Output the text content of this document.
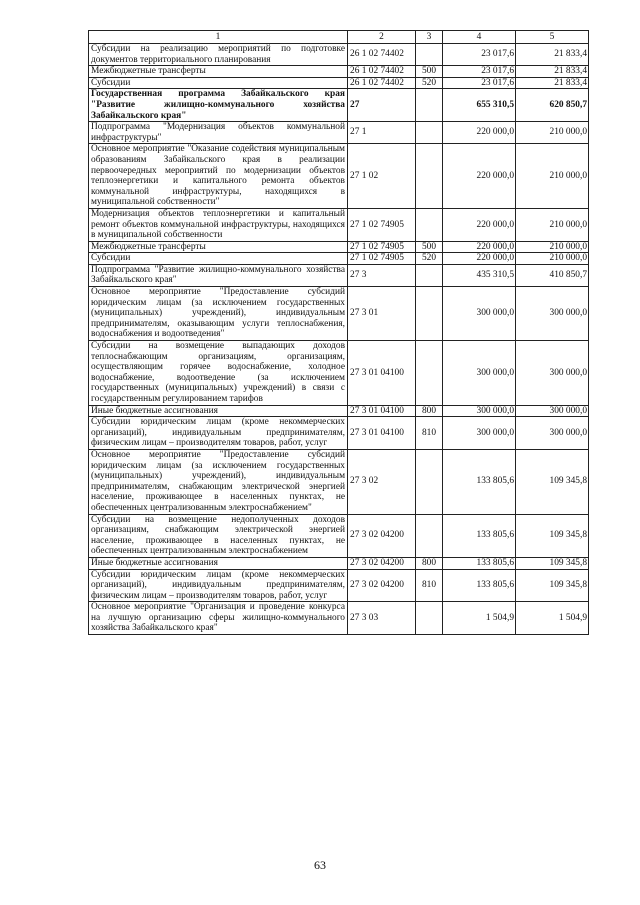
1	2	3	4	5
Субсидии на реализацию мероприятий по подготовке документов территориального планирования	26 1 02 74402		23 017,6	21 833,4
Межбюджетные трансферты	26 1 02 74402	500	23 017,6	21 833,4
Субсидии	26 1 02 74402	520	23 017,6	21 833,4
Государственная программа Забайкальского края "Развитие жилищно-коммунального хозяйства Забайкальского края"	27		655 310,5	620 850,7
Подпрограмма "Модернизация объектов коммунальной инфраструктуры"	27 1		220 000,0	210 000,0
Основное мероприятие "Оказание содействия муниципальным образованиям Забайкальского края в реализации первоочередных мероприятий по модернизации объектов теплоэнергетики и капитального ремонта объектов коммунальной инфраструктуры, находящихся в муниципальной собственности"	27 1 02		220 000,0	210 000,0
Модернизация объектов теплоэнергетики и капитальный ремонт объектов коммунальной инфраструктуры, находящихся в муниципальной собственности	27 1 02 74905		220 000,0	210 000,0
Межбюджетные трансферты	27 1 02 74905	500	220 000,0	210 000,0
Субсидии	27 1 02 74905	520	220 000,0	210 000,0
Подпрограмма "Развитие жилищно-коммунального хозяйства Забайкальского края"	27 3		435 310,5	410 850,7
Основное мероприятие "Предоставление субсидий юридическим лицам (за исключением государственных (муниципальных) учреждений), индивидуальным предпринимателям, оказывающим услуги теплоснабжения, водоснабжения и водоотведения"	27 3 01		300 000,0	300 000,0
Субсидии на возмещение выпадающих доходов теплоснабжающим организациям, организациям, осуществляющим горячее водоснабжение, холодное водоснабжение, водоотведение (за исключением государственных (муниципальных) учреждений) в связи с государственным регулированием тарифов	27 3 01 04100		300 000,0	300 000,0
Иные бюджетные ассигнования	27 3 01 04100	800	300 000,0	300 000,0
Субсидии юридическим лицам (кроме некоммерческих организаций), индивидуальным предпринимателям, физическим лицам – производителям товаров, работ, услуг	27 3 01 04100	810	300 000,0	300 000,0
Основное мероприятие "Предоставление субсидий юридическим лицам (за исключением государственных (муниципальных) учреждений), индивидуальным предпринимателям, снабжающим электрической энергией население, проживающее в населенных пунктах, не обеспеченных централизованным электроснабжением"	27 3 02		133 805,6	109 345,8
Субсидии на возмещение недополученных доходов организациям, снабжающим электрической энергией население, проживающее в населенных пунктах, не обеспеченных централизованным электроснабжением	27 3 02 04200		133 805,6	109 345,8
Иные бюджетные ассигнования	27 3 02 04200	800	133 805,6	109 345,8
Субсидии юридическим лицам (кроме некоммерческих организаций), индивидуальным предпринимателям, физическим лицам – производителям товаров, работ, услуг	27 3 02 04200	810	133 805,6	109 345,8
Основное мероприятие "Организация и проведение конкурса на лучшую организацию сферы жилищно-коммунального хозяйства Забайкальского края"	27 3 03		1 504,9	1 504,9
63
